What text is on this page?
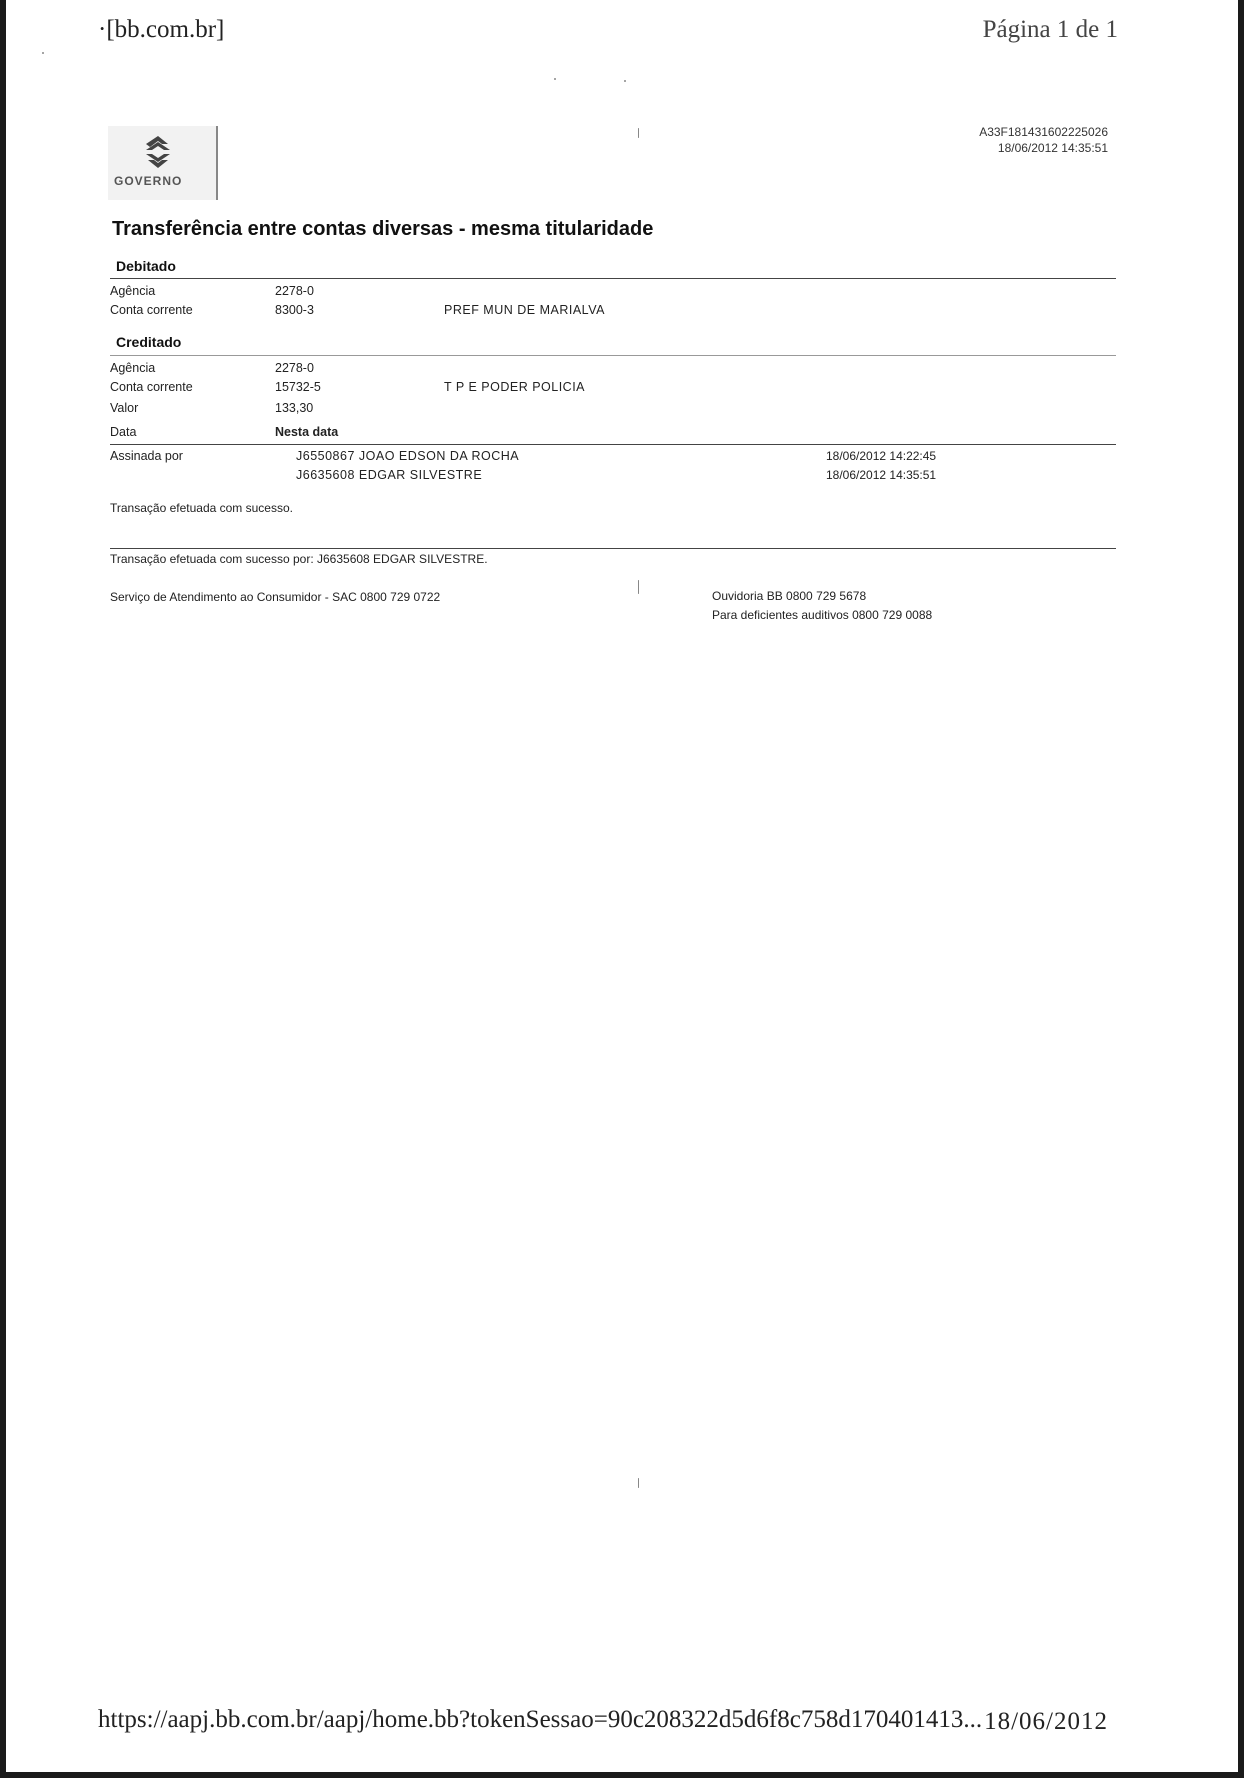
·[bb.com.br]	Página 1 de 1
GOVERNO
A33F181431602225026
18/06/2012 14:35:51
Transferência entre contas diversas - mesma titularidade
Debitado
Agência	2278-0
Conta corrente	8300-3	PREF MUN DE MARIALVA
Creditado
Agência	2278-0
Conta corrente	15732-5	T P E PODER POLICIA
Valor	133,30
Data	Nesta data
Assinada por	J6550867 JOAO EDSON DA ROCHA	18/06/2012 14:22:45
J6635608 EDGAR SILVESTRE	18/06/2012 14:35:51
Transação efetuada com sucesso.
Transação efetuada com sucesso por: J6635608 EDGAR SILVESTRE.
Serviço de Atendimento ao Consumidor - SAC 0800 729 0722	Ouvidoria BB 0800 729 5678
Para deficientes auditivos 0800 729 0088
https://aapj.bb.com.br/aapj/home.bb?tokenSessao=90c208322d5d6f8c758d170401413... 18/06/2012
